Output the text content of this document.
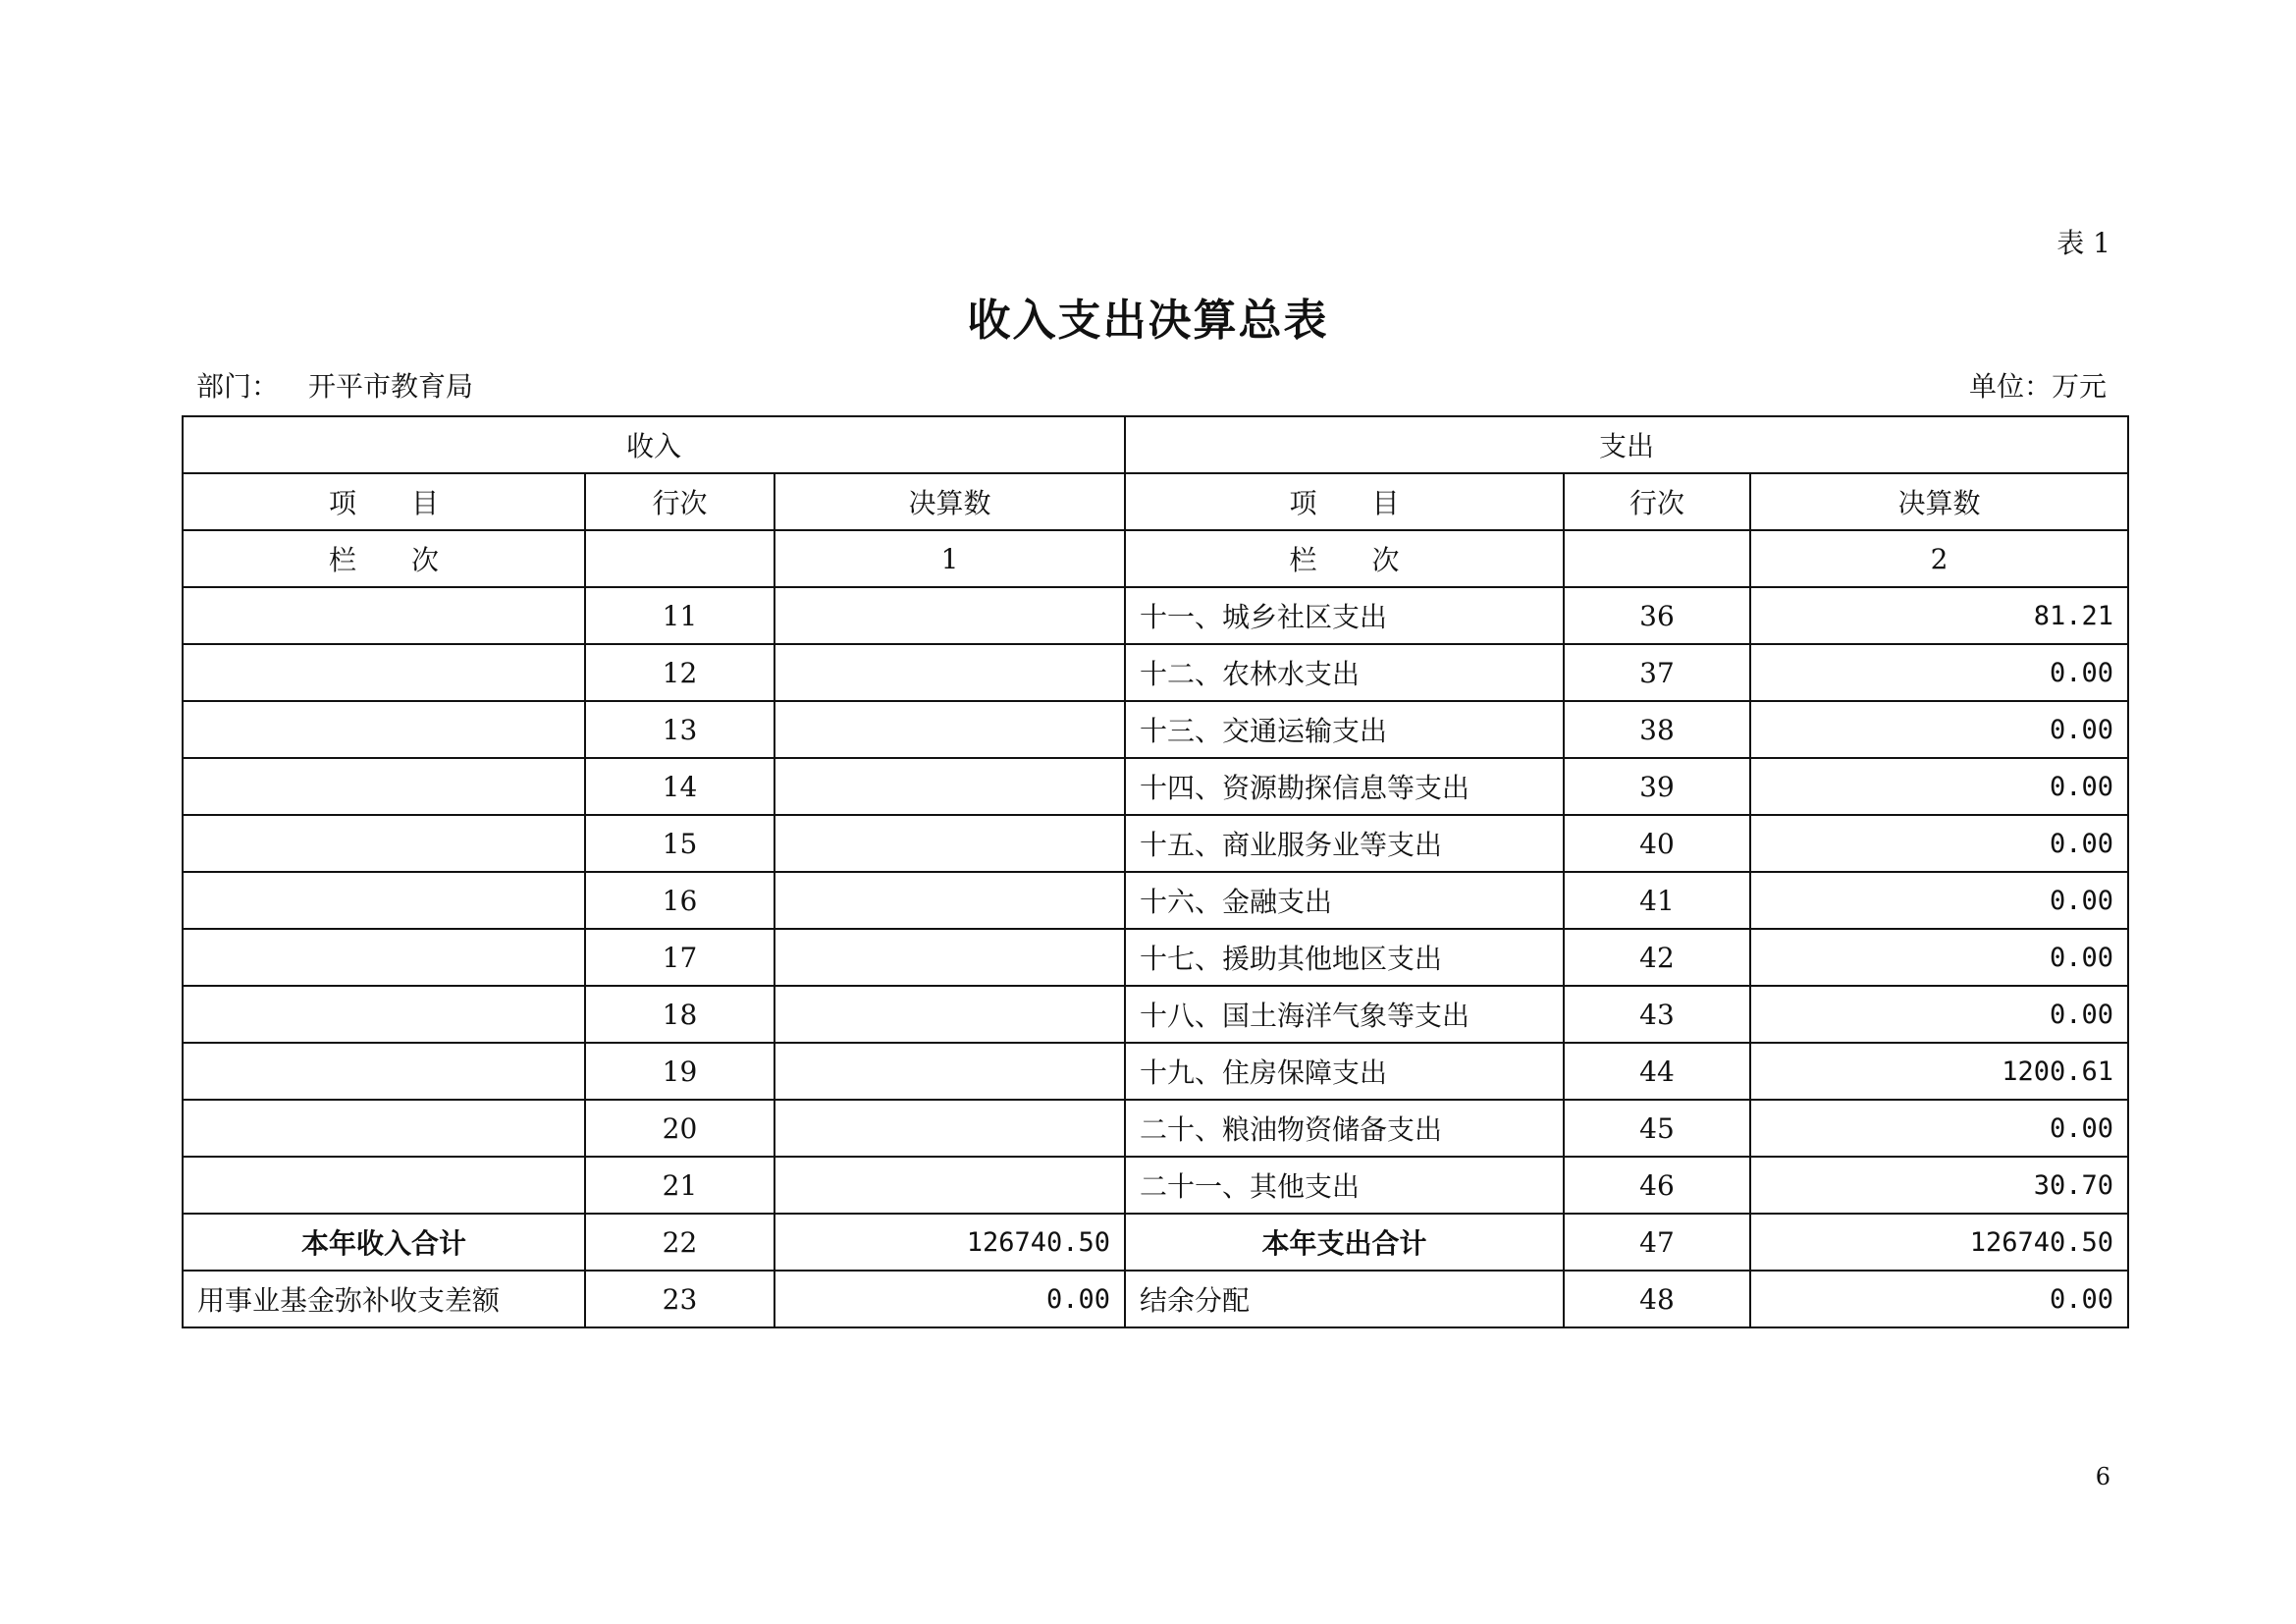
表 1
收入支出决算总表
部门： 开平市教育局	单位：万元
收入			支出		
项　　目	行次	决算数	项　　目	行次	决算数
栏　　次		1	栏　　次		2
	11		十一、城乡社区支出	36	81.21
	12		十二、农林水支出	37	0.00
	13		十三、交通运输支出	38	0.00
	14		十四、资源勘探信息等支出	39	0.00
	15		十五、商业服务业等支出	40	0.00
	16		十六、金融支出	41	0.00
	17		十七、援助其他地区支出	42	0.00
	18		十八、国土海洋气象等支出	43	0.00
	19		十九、住房保障支出	44	1200.61
	20		二十、粮油物资储备支出	45	0.00
	21		二十一、其他支出	46	30.70
本年收入合计	22	126740.50	本年支出合计	47	126740.50
用事业基金弥补收支差额	23	0.00	结余分配	48	0.00
6
